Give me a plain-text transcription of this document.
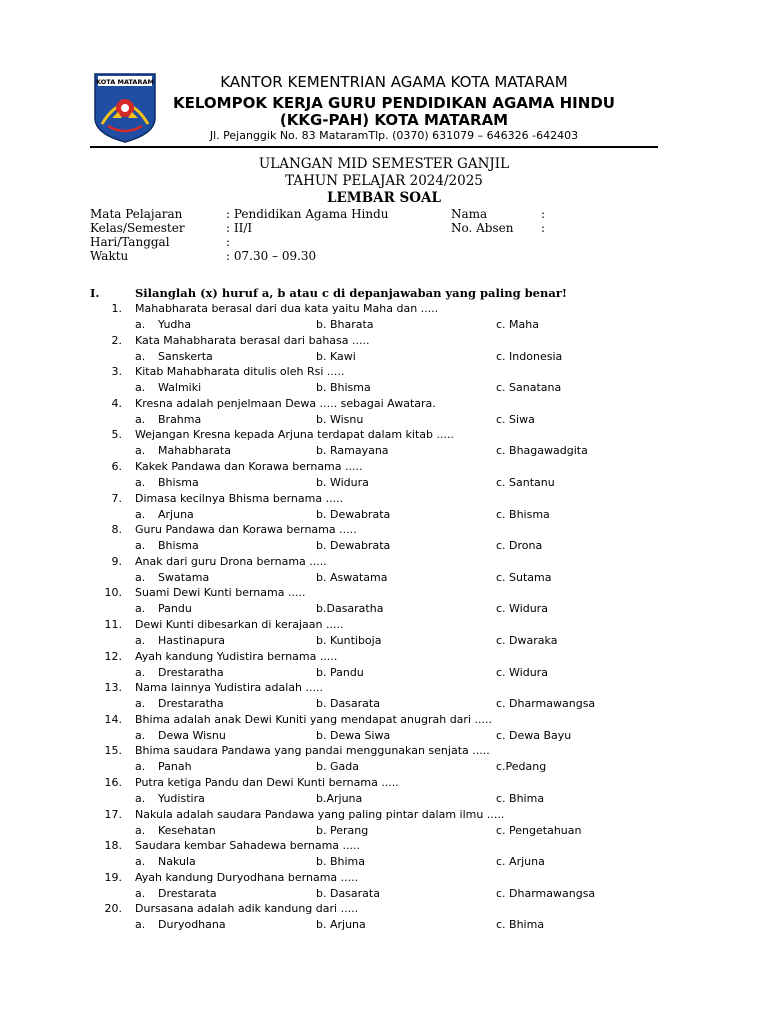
KOTA MATARAM	KANTOR KEMENTRIAN AGAMA KOTA MATARAM
KELOMPOK KERJA GURU PENDIDIKAN AGAMA HINDU
(KKG-PAH) KOTA MATARAM
Jl. Pejanggik No. 83 MataramTlp. (0370) 631079 – 646326 -642403
ULANGAN MID SEMESTER GANJIL
TAHUN PELAJAR 2024/2025
LEMBAR SOAL
Mata Pelajaran	: Pendidikan Agama Hindu
Kelas/Semester	: II/I
Hari/Tanggal	:
Waktu	: 07.30 – 09.30
Nama	:
No. Absen :
I.	Silanglah (x) huruf a, b atau c di depanjawaban yang paling benar!
1. Mahabharata berasal dari dua kata yaitu Maha dan .....
a. Yudha	b. Bharata	c. Maha
2. Kata Mahabharata berasal dari bahasa .....
a. Sanskerta	b. Kawi	c. Indonesia
3. Kitab Mahabharata ditulis oleh Rsi .....
a. Walmiki	b. Bhisma	c. Sanatana
4. Kresna adalah penjelmaan Dewa ..... sebagai Awatara.
a. Brahma	b. Wisnu	c. Siwa
5. Wejangan Kresna kepada Arjuna terdapat dalam kitab .....
a. Mahabharata	b. Ramayana	c. Bhagawadgita
6. Kakek Pandawa dan Korawa bernama .....
a. Bhisma	b. Widura	c. Santanu
7. Dimasa kecilnya Bhisma bernama .....
a. Arjuna	b. Dewabrata	c. Bhisma
8. Guru Pandawa dan Korawa bernama .....
a. Bhisma	b. Dewabrata	c. Drona
9. Anak dari guru Drona bernama .....
a. Swatama	b. Aswatama	c. Sutama
10. Suami Dewi Kunti bernama .....
a. Pandu	b.Dasaratha	c. Widura
11. Dewi Kunti dibesarkan di kerajaan .....
a. Hastinapura	b. Kuntiboja	c. Dwaraka
12. Ayah kandung Yudistira bernama .....
a. Drestaratha	b. Pandu	c. Widura
13. Nama lainnya Yudistira adalah .....
a. Drestaratha	b. Dasarata	c. Dharmawangsa
14. Bhima adalah anak Dewi Kuniti yang mendapat anugrah dari .....
a. Dewa Wisnu	b. Dewa Siwa	c. Dewa Bayu
15. Bhima saudara Pandawa yang pandai menggunakan senjata .....
a. Panah	b. Gada	c.Pedang
16. Putra ketiga Pandu dan Dewi Kunti bernama .....
a. Yudistira	b.Arjuna	c. Bhima
17. Nakula adalah saudara Pandawa yang paling pintar dalam ilmu .....
a. Kesehatan	b. Perang	c. Pengetahuan
18. Saudara kembar Sahadewa bernama .....
a. Nakula	b. Bhima	c. Arjuna
19. Ayah kandung Duryodhana bernama .....
a. Drestarata	b. Dasarata	c. Dharmawangsa
20. Dursasana adalah adik kandung dari .....
a. Duryodhana	b. Arjuna	c. Bhima
